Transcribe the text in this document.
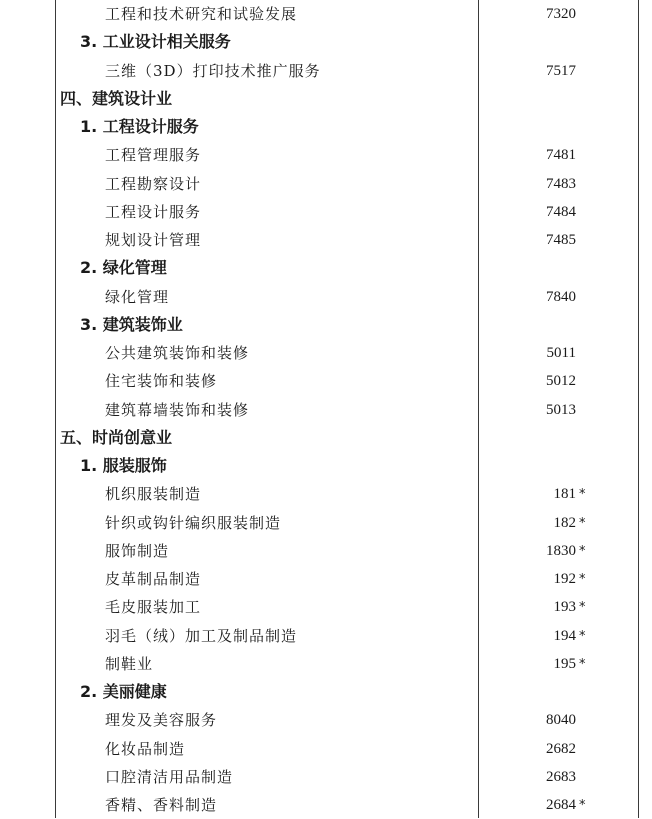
工程和技术研究和试验发展	7320
3. 工业设计相关服务
三维（3D）打印技术推广服务	7517
四、建筑设计业
1. 工程设计服务
工程管理服务	7481
工程勘察设计	7483
工程设计服务	7484
规划设计管理	7485
2. 绿化管理
绿化管理	7840
3. 建筑装饰业
公共建筑装饰和装修	5011
住宅装饰和装修	5012
建筑幕墙装饰和装修	5013
五、时尚创意业
1. 服装服饰
机织服装制造	181 *
针织或钩针编织服装制造	182 *
服饰制造	1830 *
皮革制品制造	192 *
毛皮服装加工	193 *
羽毛（绒）加工及制品制造	194 *
制鞋业	195 *
2. 美丽健康
理发及美容服务	8040
化妆品制造	2682
口腔清洁用品制造	2683
香精、香料制造	2684 *
